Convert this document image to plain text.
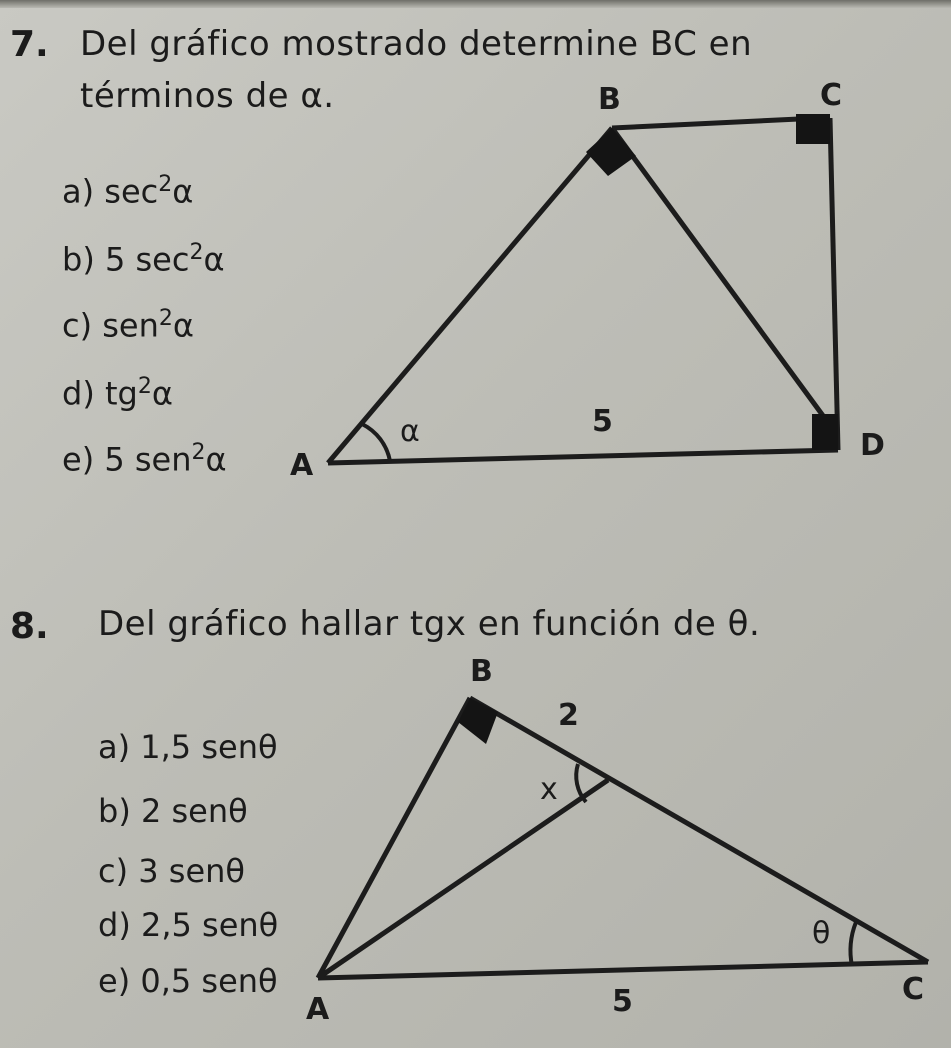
7. Del gráfico mostrado determine BC en
términos de α.
a) $\sec^2\alpha$
b) 5 $\sec^2\alpha$
c) sen$^2$α
d) $tg^2\alpha$
e) 5 sen$^2$α
B	C
D
A
α	5
8. Del gráfico hallar tgx en función de θ.
a) 1,5 senθ
b) 2 senθ
c) 3 senθ
d) 2,5 senθ
e) 0,5 senθ
B
2
x
θ
C
A	5
